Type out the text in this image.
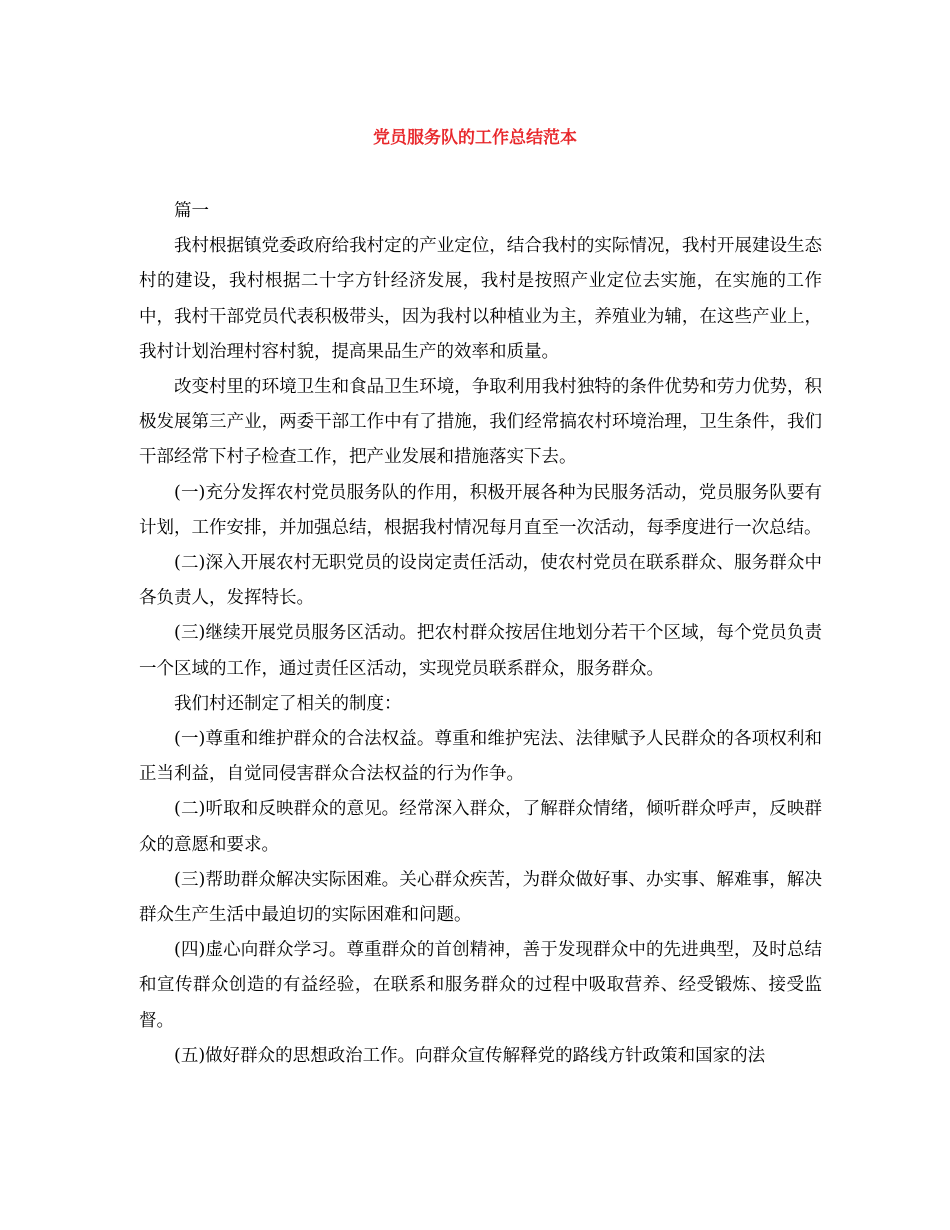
党员服务队的工作总结范本

篇一

我村根据镇党委政府给我村定的产业定位，结合我村的实际情况，我村开展建设生态村的建设，我村根据二十字方针经济发展，我村是按照产业定位去实施，在实施的工作中，我村干部党员代表积极带头，因为我村以种植业为主，养殖业为辅，在这些产业上，我村计划治理村容村貌，提高果品生产的效率和质量。

改变村里的环境卫生和食品卫生环境，争取利用我村独特的条件优势和劳力优势，积极发展第三产业，两委干部工作中有了措施，我们经常搞农村环境治理，卫生条件，我们干部经常下村子检查工作，把产业发展和措施落实下去。

(一)充分发挥农村党员服务队的作用，积极开展各种为民服务活动，党员服务队要有计划，工作安排，并加强总结，根据我村情况每月直至一次活动，每季度进行一次总结。

(二)深入开展农村无职党员的设岗定责任活动，使农村党员在联系群众、服务群众中各负责人，发挥特长。

(三)继续开展党员服务区活动。把农村群众按居住地划分若干个区域，每个党员负责一个区域的工作，通过责任区活动，实现党员联系群众，服务群众。

我们村还制定了相关的制度：

(一)尊重和维护群众的合法权益。尊重和维护宪法、法律赋予人民群众的各项权利和正当利益，自觉同侵害群众合法权益的行为作争。

(二)听取和反映群众的意见。经常深入群众，了解群众情绪，倾听群众呼声，反映群众的意愿和要求。

(三)帮助群众解决实际困难。关心群众疾苦，为群众做好事、办实事、解难事，解决群众生产生活中最迫切的实际困难和问题。

(四)虚心向群众学习。尊重群众的首创精神，善于发现群众中的先进典型，及时总结和宣传群众创造的有益经验，在联系和服务群众的过程中吸取营养、经受锻炼、接受监督。

(五)做好群众的思想政治工作。向群众宣传解释党的路线方针政策和国家的法
